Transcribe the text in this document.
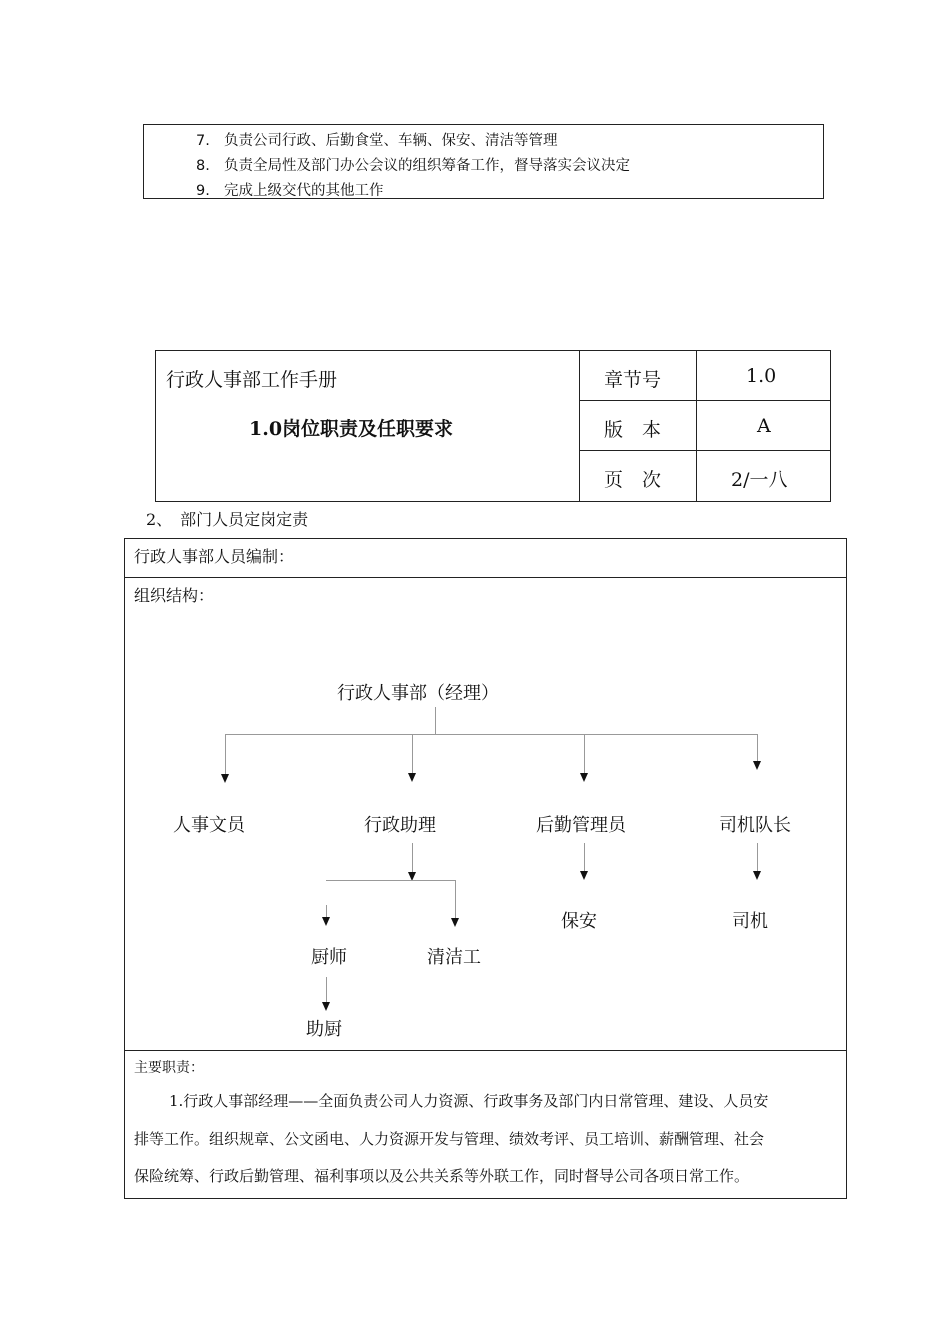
7. 负责公司行政、后勤食堂、车辆、保安、清洁等管理
8. 负责全局性及部门办公会议的组织筹备工作，督导落实会议决定
9. 完成上级交代的其他工作
行政人事部工作手册
1.0岗位职责及任职要求
章节号	1.0
版　本	A
页　次	2/一八
2、　部门人员定岗定责
行政人事部人员编制：
组织结构：
行政人事部（经理）
人事文员	行政助理	后勤管理员	司机队长
厨师	清洁工
助厨
保安	司机
主要职责：
1.行政人事部经理——全面负责公司人力资源、行政事务及部门内日常管理、建设、人员安
排等工作。组织规章、公文函电、人力资源开发与管理、绩效考评、员工培训、薪酬管理、社会
保险统筹、行政后勤管理、福利事项以及公共关系等外联工作，同时督导公司各项日常工作。
